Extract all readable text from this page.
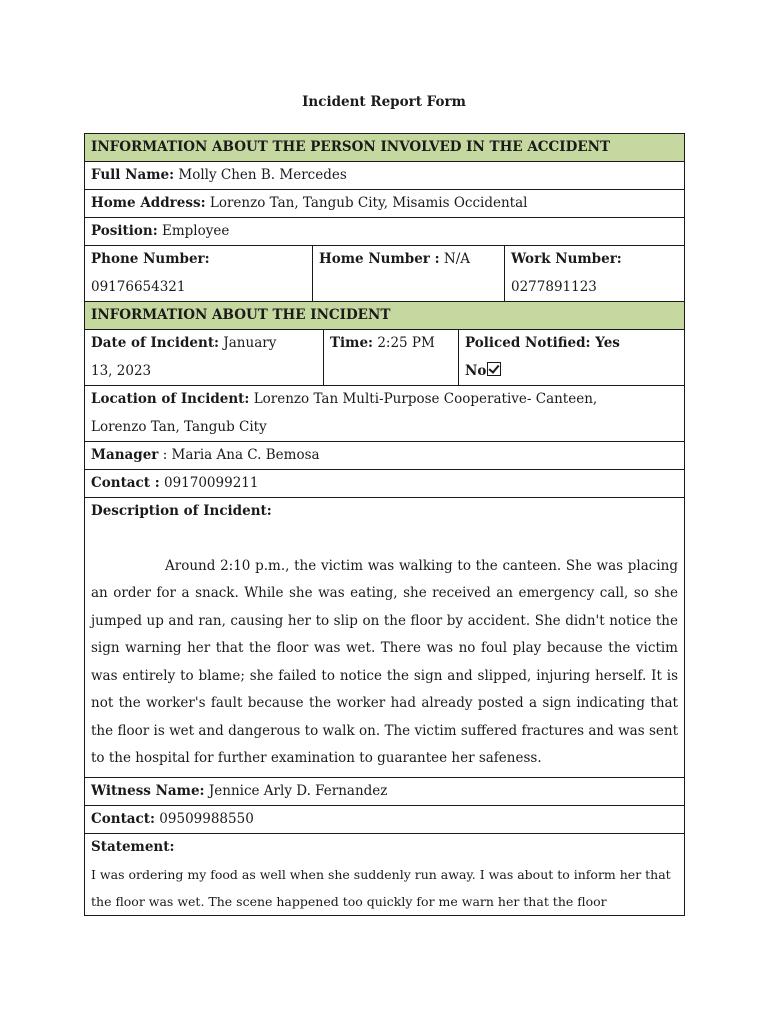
Incident Report Form
INFORMATION ABOUT THE PERSON INVOLVED IN THE ACCIDENT
Full Name: Molly Chen B. Mercedes
Home Address: Lorenzo Tan, Tangub City, Misamis Occidental
Position: Employee
Phone Number:
09176654321
Home Number : N/A	Work Number:
0277891123
INFORMATION ABOUT THE INCIDENT
Date of Incident: January
13, 2023
Time: 2:25 PM	Policed Notified: Yes
No
Location of Incident: Lorenzo Tan Multi-Purpose Cooperative- Canteen,
Lorenzo Tan, Tangub City
Manager : Maria Ana C. Bemosa
Contact : 09170099211
Description of Incident:
Around 2:10 p.m., the victim was walking to the canteen. She was placing an order for a snack. While she was eating, she received an emergency call, so she jumped up and ran, causing her to slip on the floor by accident. She didn't notice the sign warning her that the floor was wet. There was no foul play because the victim was entirely to blame; she failed to notice the sign and slipped, injuring herself. It is not the worker's fault because the worker had already posted a sign indicating that the floor is wet and dangerous to walk on. The victim suffered fractures and was sent to the hospital for further examination to guarantee her safeness.
Witness Name: Jennice Arly D. Fernandez
Contact: 09509988550
Statement:
I was ordering my food as well when she suddenly run away. I was about to inform her that the floor was wet. The scene happened too quickly for me warn her that the floor
